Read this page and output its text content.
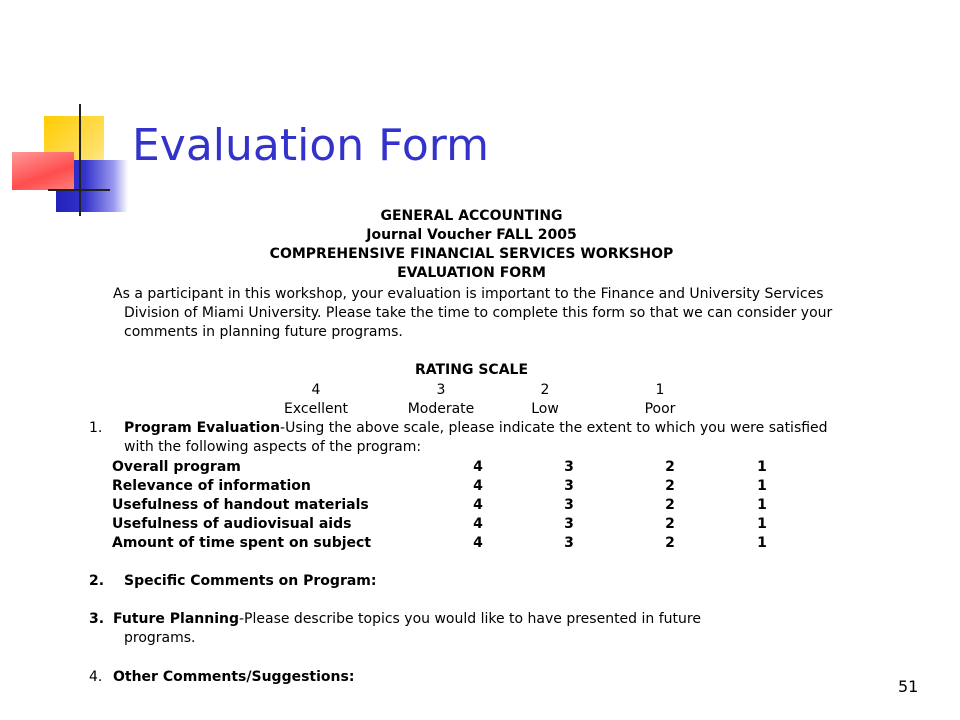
Evaluation Form
GENERAL ACCOUNTING
Journal Voucher FALL 2005
COMPREHENSIVE FINANCIAL SERVICES WORKSHOP
EVALUATION FORM
As a participant in this workshop, your evaluation is important to the Finance and University Services
Division of Miami University. Please take the time to complete this form so that we can consider your
comments in planning future programs.
RATING SCALE
4	3	2	1
Excellent	Moderate	Low	Poor
1. Program Evaluation-Using the above scale, please indicate the extent to which you were satisfied
with the following aspects of the program:
Overall program	4	3	2	1
Relevance of information	4	3	2	1
Usefulness of handout materials	4	3	2	1
Usefulness of audiovisual aids	4	3	2	1
Amount of time spent on subject	4	3	2	1
2. Specific Comments on Program:
3. Future Planning-Please describe topics you would like to have presented in future
programs.
4. Other Comments/Suggestions:	51
